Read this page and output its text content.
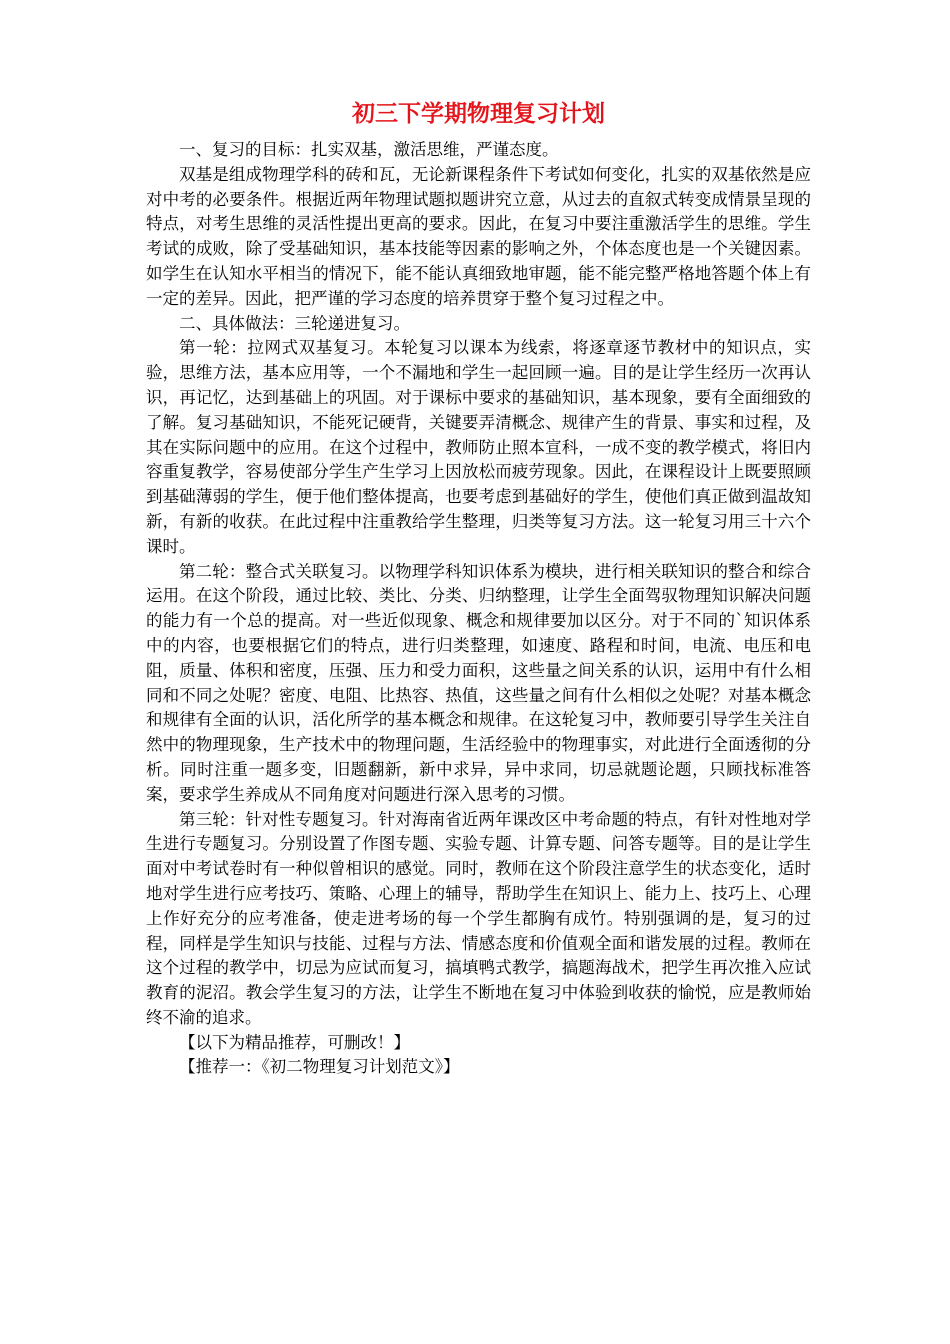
初三下学期物理复习计划

一、复习的目标：扎实双基，激活思维，严谨态度。

双基是组成物理学科的砖和瓦，无论新课程条件下考试如何变化，扎实的双基依然是应对中考的必要条件。根据近两年物理试题拟题讲究立意，从过去的直叙式转变成情景呈现的特点，对考生思维的灵活性提出更高的要求。因此，在复习中要注重激活学生的思维。学生考试的成败，除了受基础知识，基本技能等因素的影响之外，个体态度也是一个关键因素。如学生在认知水平相当的情况下，能不能认真细致地审题，能不能完整严格地答题个体上有一定的差异。因此，把严谨的学习态度的培养贯穿于整个复习过程之中。

二、具体做法：三轮递进复习。

第一轮：拉网式双基复习。本轮复习以课本为线索，将逐章逐节教材中的知识点，实验，思维方法，基本应用等，一个不漏地和学生一起回顾一遍。目的是让学生经历一次再认识，再记忆，达到基础上的巩固。对于课标中要求的基础知识，基本现象，要有全面细致的了解。复习基础知识，不能死记硬背，关键要弄清概念、规律产生的背景、事实和过程，及其在实际问题中的应用。在这个过程中，教师防止照本宣科，一成不变的教学模式，将旧内容重复教学，容易使部分学生产生学习上因放松而疲劳现象。因此，在课程设计上既要照顾到基础薄弱的学生，便于他们整体提高，也要考虑到基础好的学生，使他们真正做到温故知新，有新的收获。在此过程中注重教给学生整理，归类等复习方法。这一轮复习用三十六个课时。

第二轮：整合式关联复习。以物理学科知识体系为模块，进行相关联知识的整合和综合运用。在这个阶段，通过比较、类比、分类、归纳整理，让学生全面驾驭物理知识解决问题的能力有一个总的提高。对一些近似现象、概念和规律要加以区分。对于不同的`知识体系中的内容，也要根据它们的特点，进行归类整理，如速度、路程和时间，电流、电压和电阻，质量、体积和密度，压强、压力和受力面积，这些量之间关系的认识，运用中有什么相同和不同之处呢？密度、电阻、比热容、热值，这些量之间有什么相似之处呢？对基本概念和规律有全面的认识，活化所学的基本概念和规律。在这轮复习中，教师要引导学生关注自然中的物理现象，生产技术中的物理问题，生活经验中的物理事实，对此进行全面透彻的分析。同时注重一题多变，旧题翻新，新中求异，异中求同，切忌就题论题，只顾找标准答案，要求学生养成从不同角度对问题进行深入思考的习惯。

第三轮：针对性专题复习。针对海南省近两年课改区中考命题的特点，有针对性地对学生进行专题复习。分别设置了作图专题、实验专题、计算专题、问答专题等。目的是让学生面对中考试卷时有一种似曾相识的感觉。同时，教师在这个阶段注意学生的状态变化，适时地对学生进行应考技巧、策略、心理上的辅导，帮助学生在知识上、能力上、技巧上、心理上作好充分的应考准备，使走进考场的每一个学生都胸有成竹。特别强调的是，复习的过程，同样是学生知识与技能、过程与方法、情感态度和价值观全面和谐发展的过程。教师在这个过程的教学中，切忌为应试而复习，搞填鸭式教学，搞题海战术，把学生再次推入应试教育的泥沼。教会学生复习的方法，让学生不断地在复习中体验到收获的愉悦，应是教师始终不渝的追求。

【以下为精品推荐，可删改！】

【推荐一：《初二物理复习计划范文》】
